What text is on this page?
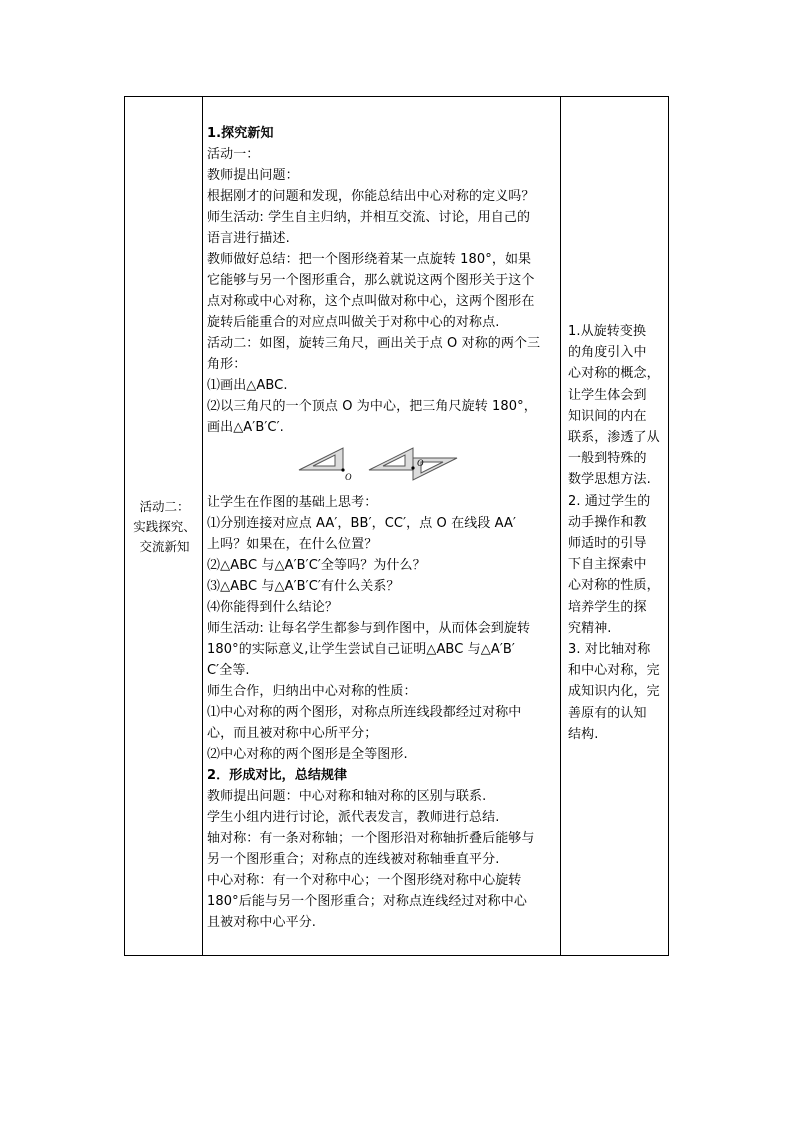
活动二：
实践探究、
交流新知
1.探究新知
活动一：
教师提出问题：
根据刚才的问题和发现，你能总结出中心对称的定义吗？
师生活动: 学生自主归纳，并相互交流、讨论，用自己的
语言进行描述.
教师做好总结：把一个图形绕着某一点旋转 180°，如果
它能够与另一个图形重合，那么就说这两个图形关于这个
点对称或中心对称，这个点叫做对称中心，这两个图形在
旋转后能重合的对应点叫做关于对称中心的对称点.
活动二：如图，旋转三角尺，画出关于点 O 对称的两个三
角形：
⑴画出△ABC.
⑵以三角尺的一个顶点 O 为中心，把三角尺旋转 180°，
画出△A′B′C′.
O
O
让学生在作图的基础上思考：
⑴分别连接对应点 AA′，BB′，CC′，点 O 在线段 AA′
上吗？如果在，在什么位置？
⑵△ABC 与△A′B′C′全等吗？为什么？
⑶△ABC 与△A′B′C′有什么关系？
⑷你能得到什么结论？
师生活动: 让每名学生都参与到作图中，从而体会到旋转
180°的实际意义,让学生尝试自己证明△ABC 与△A′B′
C′全等.
师生合作，归纳出中心对称的性质：
⑴中心对称的两个图形，对称点所连线段都经过对称中
心，而且被对称中心所平分；
⑵中心对称的两个图形是全等图形.
2．形成对比，总结规律
教师提出问题：中心对称和轴对称的区别与联系.
学生小组内进行讨论，派代表发言，教师进行总结.
轴对称：有一条对称轴；一个图形沿对称轴折叠后能够与
另一个图形重合；对称点的连线被对称轴垂直平分.
中心对称：有一个对称中心；一个图形绕对称中心旋转
180°后能与另一个图形重合；对称点连线经过对称中心
且被对称中心平分.
1.从旋转变换
的角度引入中
心对称的概念，
让学生体会到
知识间的内在
联系，渗透了从
一般到特殊的
数学思想方法.
2. 通过学生的
动手操作和教
师适时的引导
下自主探索中
心对称的性质，
培养学生的探
究精神.
3. 对比轴对称
和中心对称，完
成知识内化，完
善原有的认知
结构.
